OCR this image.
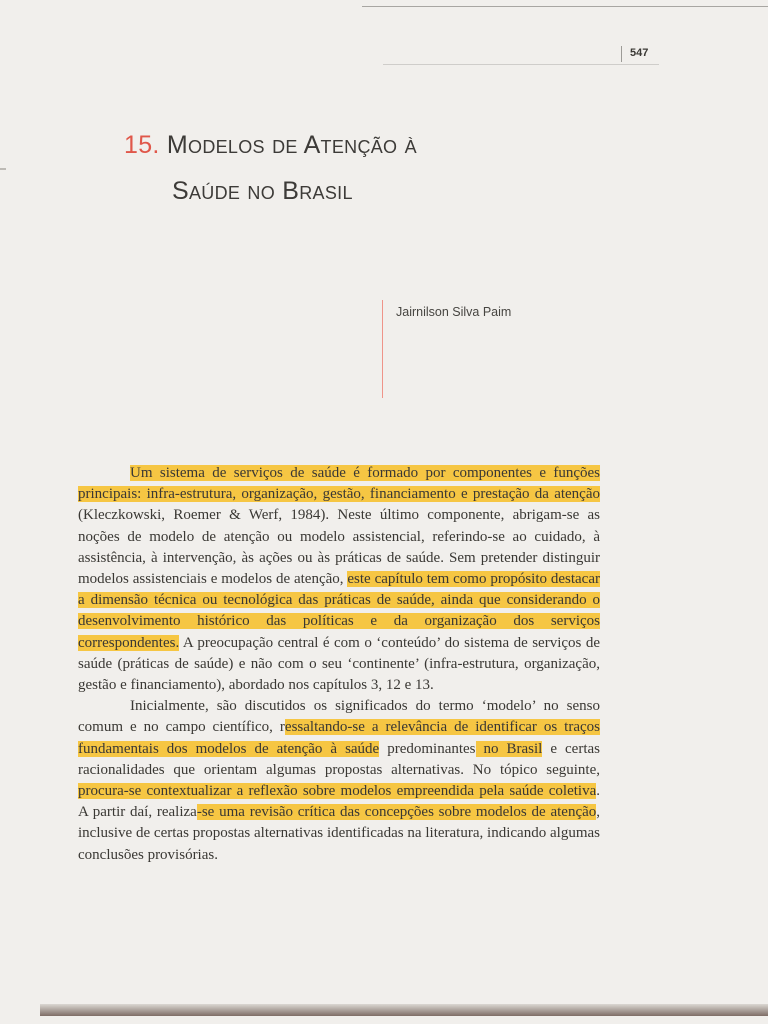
547
15. Modelos de Atenção à
Saúde no Brasil
Jairnilson Silva Paim

Um sistema de serviços de saúde é formado por componentes e funções principais: infra-estrutura, organização, gestão, financiamento e prestação da atenção (Kleczkowski, Roemer & Werf, 1984). Neste último componente, abrigam-se as noções de modelo de atenção ou modelo assistencial, referindo-se ao cuidado, à assistência, à intervenção, às ações ou às práticas de saúde. Sem pretender distinguir modelos assistenciais e modelos de atenção, este capítulo tem como propósito destacar a dimensão técnica ou tecnológica das práticas de saúde, ainda que considerando o desenvolvimento histórico das políticas e da organização dos serviços correspondentes. A preocupação central é com o ‘conteúdo’ do sistema de serviços de saúde (práticas de saúde) e não com o seu ‘continente’ (infra-estrutura, organização, gestão e financiamento), abordado nos capítulos 3, 12 e 13.

Inicialmente, são discutidos os significados do termo ‘modelo’ no senso comum e no campo científico, ressaltando-se a relevância de identificar os traços fundamentais dos modelos de atenção à saúde predominantes no Brasil e certas racionalidades que orientam algumas propostas alternativas. No tópico seguinte, procura-se contextualizar a reflexão sobre modelos empreendida pela saúde coletiva. A partir daí, realiza-se uma revisão crítica das concepções sobre modelos de atenção, inclusive de certas propostas alternativas identificadas na literatura, indicando algumas conclusões provisórias.
